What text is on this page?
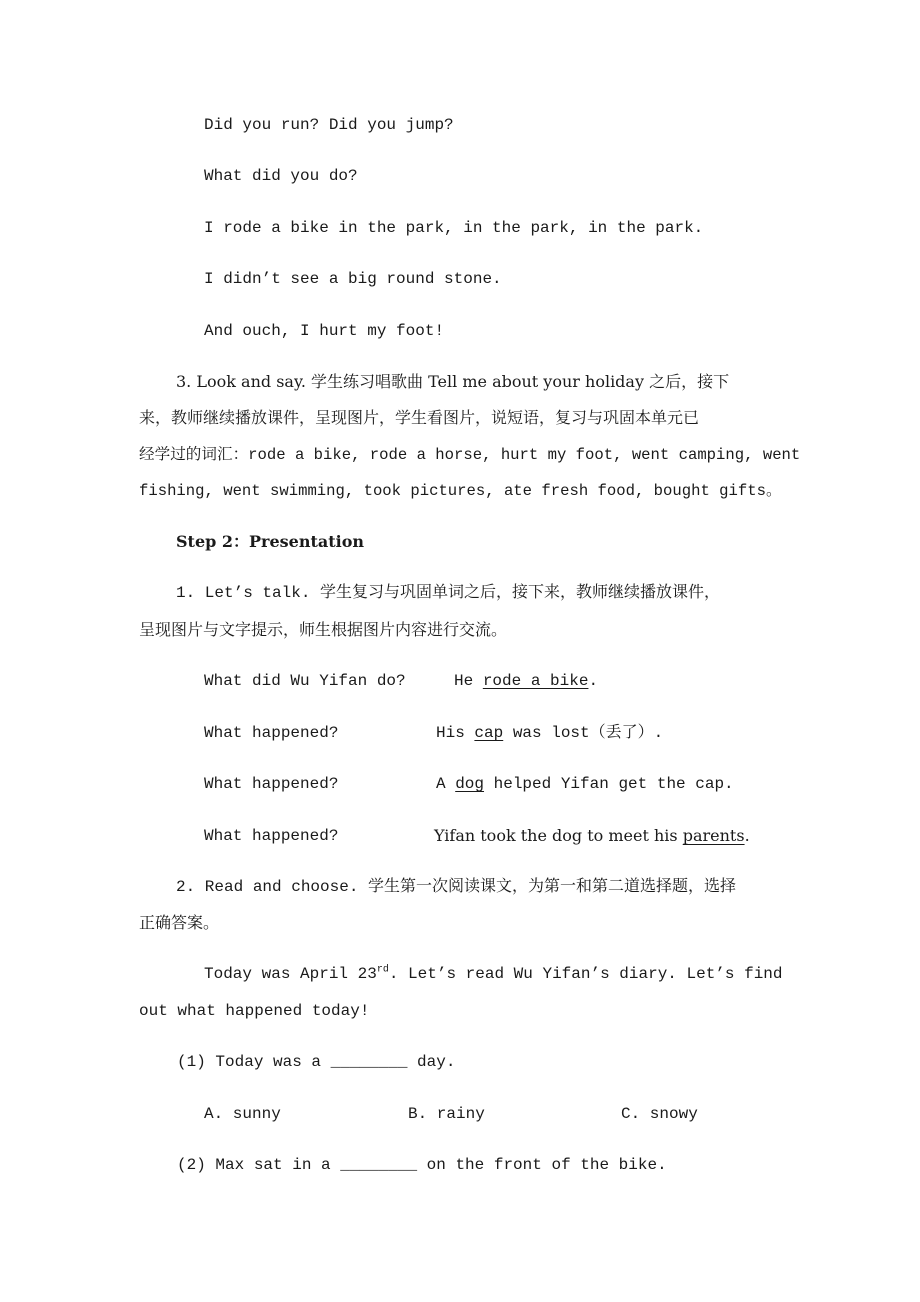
Did you run? Did you jump?
What did you do?
I rode a bike in the park, in the park, in the park.
I didn’t see a big round stone.
And ouch, I hurt my foot!
3. Look and say. 学生练习唱歌曲 Tell me about your holiday 之后，接下
来，教师继续播放课件，呈现图片，学生看图片，说短语，复习与巩固本单元已
经学过的词汇：rode a bike, rode a horse, hurt my foot, went camping, went
fishing, went swimming, took pictures, ate fresh food, bought gifts。
Step 2：Presentation
1. Let’s talk. 学生复习与巩固单词之后，接下来，教师继续播放课件，
呈现图片与文字提示，师生根据图片内容进行交流。
What did Wu Yifan do?	He rode a bike.
What happened?	His cap was lost（丢了）.
What happened?	A dog helped Yifan get the cap.
What happened?	Yifan took the dog to meet his parents.
2. Read and choose. 学生第一次阅读课文，为第一和第二道选择题，选择
正确答案。
Today was April 23rd. Let’s read Wu Yifan’s diary. Let’s find
out what happened today!
(1) Today was a ________ day.
A. sunny	B. rainy	C. snowy
(2) Max sat in a ________ on the front of the bike.
